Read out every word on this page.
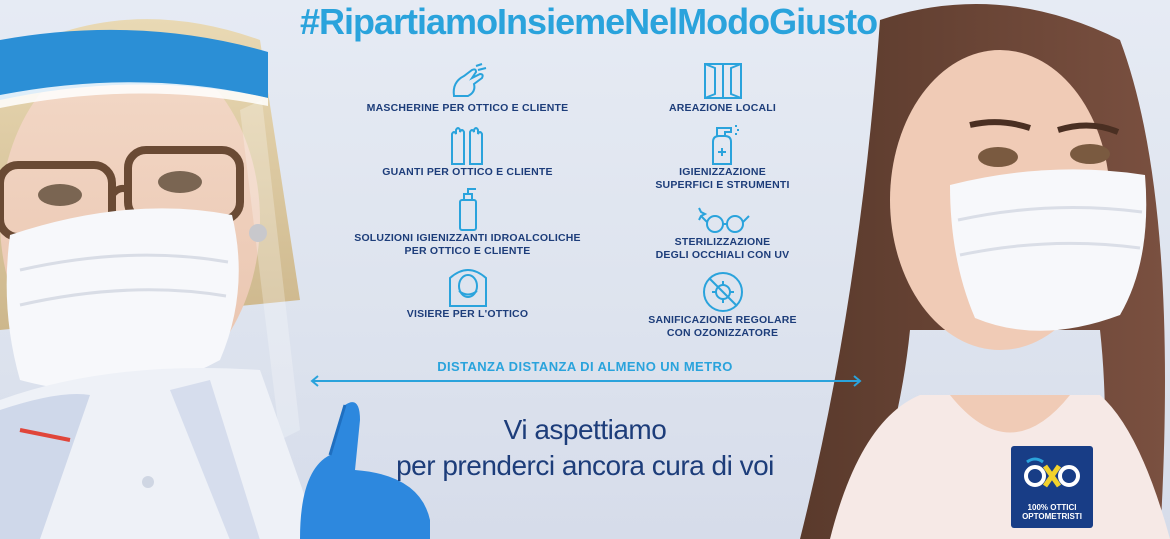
#RipartiamoInsiemeNelModoGiusto
MASCHERINE PER OTTICO E CLIENTE
GUANTI PER OTTICO E CLIENTE
SOLUZIONI IGIENIZZANTI IDROALCOLICHE
PER OTTICO E CLIENTE
VISIERE PER L'OTTICO
AREAZIONE LOCALI
IGIENIZZAZIONE
SUPERFICI E STRUMENTI
STERILIZZAZIONE
DEGLI OCCHIALI CON UV
SANIFICAZIONE REGOLARE
CON OZONIZZATORE
DISTANZA DISTANZA DI ALMENO UN METRO
Vi aspettiamo
per prenderci ancora cura di voi
100% OTTICI
OPTOMETRISTI
